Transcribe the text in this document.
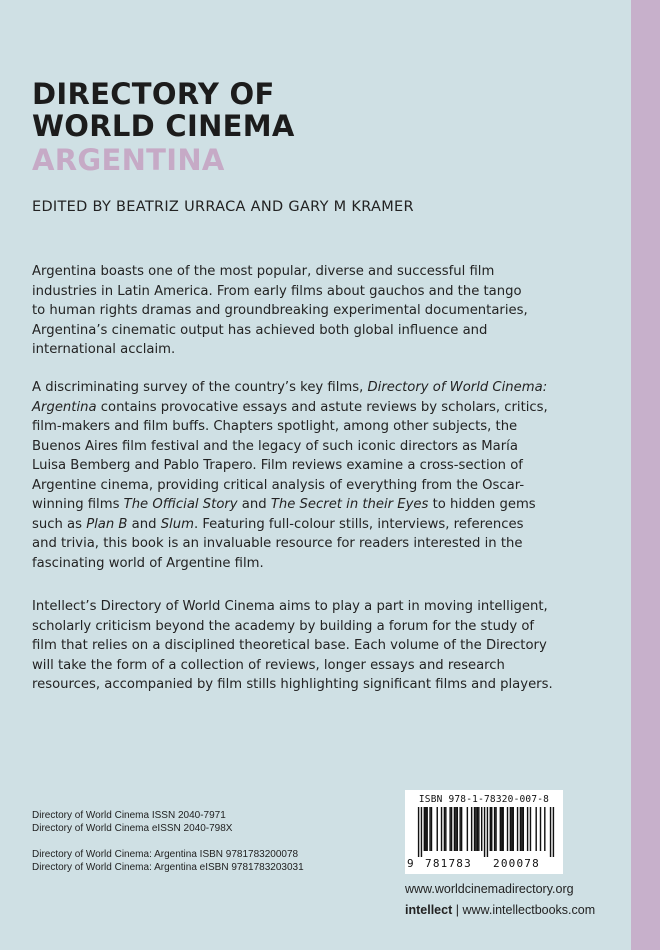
DIRECTORY OF
WORLD CINEMA
ARGENTINA
EDITED BY BEATRIZ URRACA AND GARY M KRAMER
Argentina boasts one of the most popular, diverse and successful film
industries in Latin America. From early films about gauchos and the tango
to human rights dramas and groundbreaking experimental documentaries,
Argentina’s cinematic output has achieved both global influence and
international acclaim.
A discriminating survey of the country’s key films, Directory of World Cinema:
Argentina contains provocative essays and astute reviews by scholars, critics,
film-makers and film buffs. Chapters spotlight, among other subjects, the
Buenos Aires film festival and the legacy of such iconic directors as María
Luisa Bemberg and Pablo Trapero. Film reviews examine a cross-section of
Argentine cinema, providing critical analysis of everything from the Oscar-
winning films The Official Story and The Secret in their Eyes to hidden gems
such as Plan B and Slum. Featuring full-colour stills, interviews, references
and trivia, this book is an invaluable resource for readers interested in the
fascinating world of Argentine film.
Intellect’s Directory of World Cinema aims to play a part in moving intelligent,
scholarly criticism beyond the academy by building a forum for the study of
film that relies on a disciplined theoretical base. Each volume of the Directory
will take the form of a collection of reviews, longer essays and research
resources, accompanied by film stills highlighting significant films and players.
Directory of World Cinema ISSN 2040-7971
Directory of World Cinema eISSN 2040-798X
Directory of World Cinema: Argentina ISBN 9781783200078
Directory of World Cinema: Argentina eISBN 9781783203031
ISBN 978-1-78320-007-8
9 781783 200078
www.worldcinemadirectory.org
intellect | www.intellectbooks.com
